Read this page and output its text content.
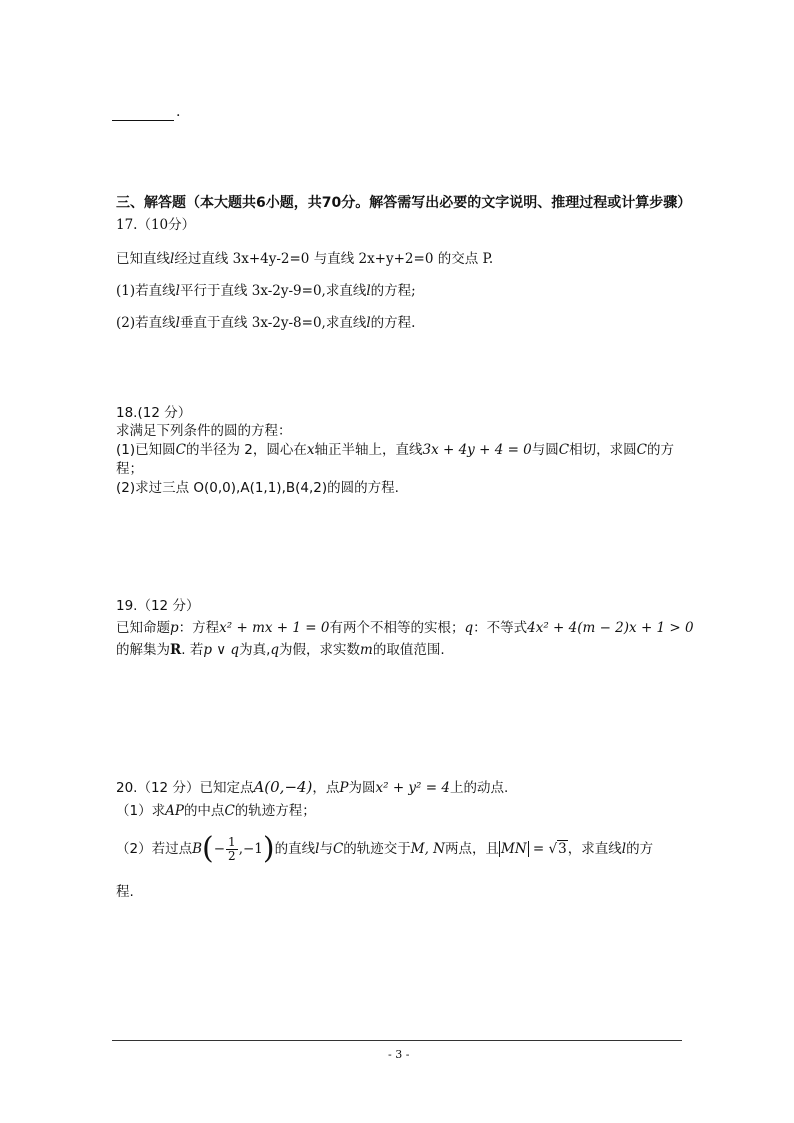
.
三、解答题（本大题共6小题，共70分。解答需写出必要的文字说明、推理过程或计算步骤）
17.（10分）
已知直线l经过直线 3x+4y-2=0 与直线 2x+y+2=0 的交点 P.
(1)若直线l平行于直线 3x-2y-9=0,求直线l的方程;
(2)若直线l垂直于直线 3x-2y-8=0,求直线l的方程.
18.(12 分）
求满足下列条件的圆的方程：
(1)已知圆C的半径为 2，圆心在x轴正半轴上，直线3x + 4y + 4 = 0与圆C相切，求圆C的方
程；
(2)求过三点 O(0,0),A(1,1),B(4,2)的圆的方程.
19.（12 分）
已知命题p：方程x² + mx + 1 = 0有两个不相等的实根；q：不等式4x² + 4(m − 2)x + 1 > 0
的解集为R. 若p ∨ q为真,q为假，求实数m的取值范围.
20.（12 分）已知定点A(0,−4)，点P为圆x² + y² = 4上的动点.
（1）求AP的中点C的轨迹方程；
（2）若过点$B(- \frac{1}{2} ,-1)$的直线l与C的轨迹交于M, N两点，且 MN = √3，求直线l的方
程.
- 3 -
